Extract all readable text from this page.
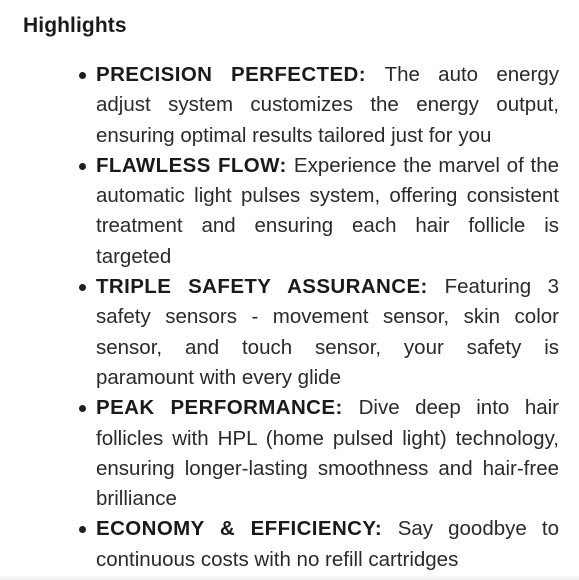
Highlights
PRECISION PERFECTED: The auto energy adjust system customizes the energy output, ensuring optimal results tailored just for you
FLAWLESS FLOW: Experience the marvel of the automatic light pulses system, offering consistent treatment and ensuring each hair follicle is targeted
TRIPLE SAFETY ASSURANCE: Featuring 3 safety sensors - movement sensor, skin color sensor, and touch sensor, your safety is paramount with every glide
PEAK PERFORMANCE: Dive deep into hair follicles with HPL (home pulsed light) technology, ensuring longer-lasting smoothness and hair-free brilliance
ECONOMY & EFFICIENCY: Say goodbye to continuous costs with no refill cartridges
